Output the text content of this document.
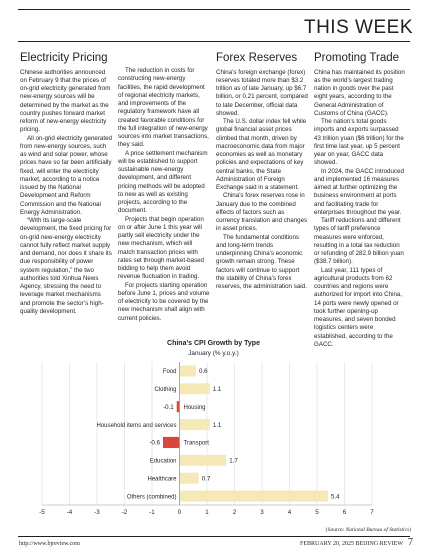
THIS WEEK
Electricity Pricing

Chinese authorities announced on February 9 that the prices of on-grid electricity generated from new-energy sources will be determined by the market as the country pushes forward market reform of new-energy electricity pricing.

All on-grid electricity generated from new-energy sources, such as wind and solar power, whose prices have so far been artificially fixed, will enter the electricity market, according to a notice issued by the National Development and Reform Commission and the National Energy Administration.

“With its large-scale development, the fixed pricing for on-grid new-energy electricity cannot fully reflect market supply and demand, nor does it share its due responsibility of power system regulation,” the two authorities told Xinhua News Agency, stressing the need to leverage market mechanisms and promote the sector’s high-quality development.

The reduction in costs for constructing new-energy facilities, the rapid development of regional electricity markets, and improvements of the regulatory framework have all created favorable conditions for the full integration of new-energy sources into market transactions, they said.

A price settlement mechanism will be established to support sustainable new-energy development, and different pricing methods will be adopted to new as well as existing projects, according to the document.

Projects that begin operation on or after June 1 this year will partly sell electricity under the new mechanism, which will match transaction prices with rates set through market-based bidding to help them avoid revenue fluctuation in trading.

For projects starting operation before June 1, prices and volume of electricity to be covered by the new mechanism shall align with current policies.

Forex Reserves

China’s foreign exchange (forex) reserves totaled more than $3.2 trillion as of late January, up $6.7 billion, or 0.21 percent, compared to late December, official data showed.

The U.S. dollar index fell while global financial asset prices climbed that month, driven by macroeconomic data from major economies as well as monetary policies and expectations of key central banks, the State Administration of Foreign Exchange said in a statement.

China’s forex reserves rose in January due to the combined effects of factors such as currency translation and changes in asset prices.

The fundamental conditions and long-term trends underpinning China’s economic growth remain strong. These factors will continue to support the stability of China’s forex reserves, the administration said.

Promoting Trade

China has maintained its position as the world’s largest trading nation in goods over the past eight years, according to the General Administration of Customs of China (GACC).

The nation’s total goods imports and exports surpassed 43 trillion yuan ($6 trillion) for the first time last year, up 5 percent year on year, GACC data showed.

In 2024, the GACC introduced and implemented 16 measures aimed at further optimizing the business environment at ports and facilitating trade for enterprises throughout the year.

Tariff reductions and different types of tariff preference measures were enforced, resulting in a total tax reduction or refunding of 282.9 billion yuan ($38.7 billion).

Last year, 111 types of agricultural products from 62 countries and regions were authorized for import into China, 14 ports were newly opened or took further opening-up measures, and seven bonded logistics centers were established, according to the GACC.

China's CPI Growth by Type
January (% y.o.y.)
-5	-4	-3	-2	-1	0	1	2	3	4	5	6	7
Food	0.6
Clothing	1.1
Housing
-0.1
Household items and services	1.1
Transport
-0.6
Education	1.7
Healthcare	0.7
Others (combined)	5.4
(Source: National Bureau of Statistics)
http://www.bjreview.com	FEBRUARY 20, 2025 BEIJING REVIEW 7
